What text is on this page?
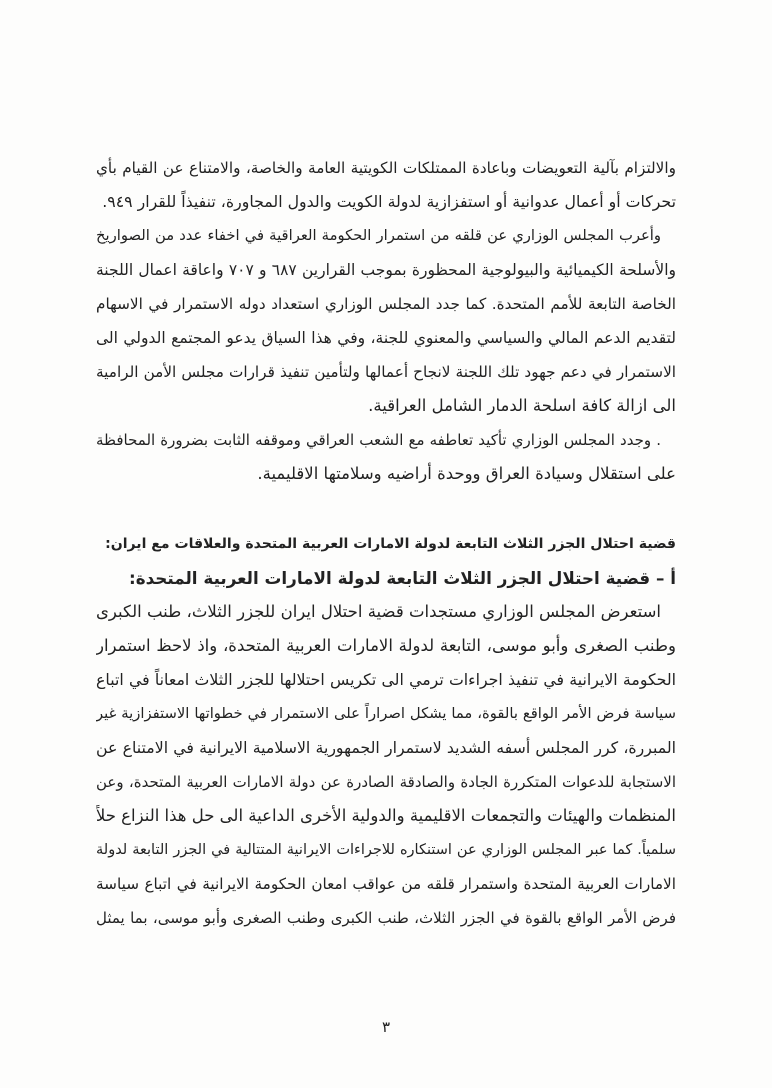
والالتزام بآلية التعويضات وباعادة الممتلكات الكويتية العامة والخاصة، والامتناع عن القيام بأي
تحركات أو أعمال عدوانية أو استفزازية لدولة الكويت والدول المجاورة، تنفيذاً للقرار ٩٤٩.
وأعرب المجلس الوزاري عن قلقه من استمرار الحكومة العراقية في اخفاء عدد من الصواريخ
والأسلحة الكيميائية والبيولوجية المحظورة بموجب القرارين ٦٨٧ و ٧٠٧ واعاقة اعمال اللجنة
الخاصة التابعة للأمم المتحدة. كما جدد المجلس الوزاري استعداد دوله الاستمرار في الاسهام
لتقديم الدعم المالي والسياسي والمعنوي للجنة، وفي هذا السياق يدعو المجتمع الدولي الى
الاستمرار في دعم جهود تلك اللجنة لانجاح أعمالها ولتأمين تنفيذ قرارات مجلس الأمن الرامية
الى ازالة كافة اسلحة الدمار الشامل العراقية.
. وجدد المجلس الوزاري تأكيد تعاطفه مع الشعب العراقي وموقفه الثابت بضرورة المحافظة
على استقلال وسيادة العراق ووحدة أراضيه وسلامتها الاقليمية.
قضية احتلال الجزر الثلاث التابعة لدولة الامارات العربية المتحدة والعلاقات مع ايران:
أ – قضية احتلال الجزر الثلاث التابعة لدولة الامارات العربية المتحدة:
استعرض المجلس الوزاري مستجدات قضية احتلال ايران للجزر الثلاث، طنب الكبرى
وطنب الصغرى وأبو موسى، التابعة لدولة الامارات العربية المتحدة، واذ لاحظ استمرار
الحكومة الايرانية في تنفيذ اجراءات ترمي الى تكريس احتلالها للجزر الثلاث امعاناً في اتباع
سياسة فرض الأمر الواقع بالقوة، مما يشكل اصراراً على الاستمرار في خطواتها الاستفزازية غير
المبررة، كرر المجلس أسفه الشديد لاستمرار الجمهورية الاسلامية الايرانية في الامتناع عن
الاستجابة للدعوات المتكررة الجادة والصادقة الصادرة عن دولة الامارات العربية المتحدة، وعن
المنظمات والهيئات والتجمعات الاقليمية والدولية الأخرى الداعية الى حل هذا النزاع حلاً
سلمياً. كما عبر المجلس الوزاري عن استنكاره للاجراءات الايرانية المتتالية في الجزر التابعة لدولة
الامارات العربية المتحدة واستمرار قلقه من عواقب امعان الحكومة الايرانية في اتباع سياسة
فرض الأمر الواقع بالقوة في الجزر الثلاث، طنب الكبرى وطنب الصغرى وأبو موسى، بما يمثل
٣
